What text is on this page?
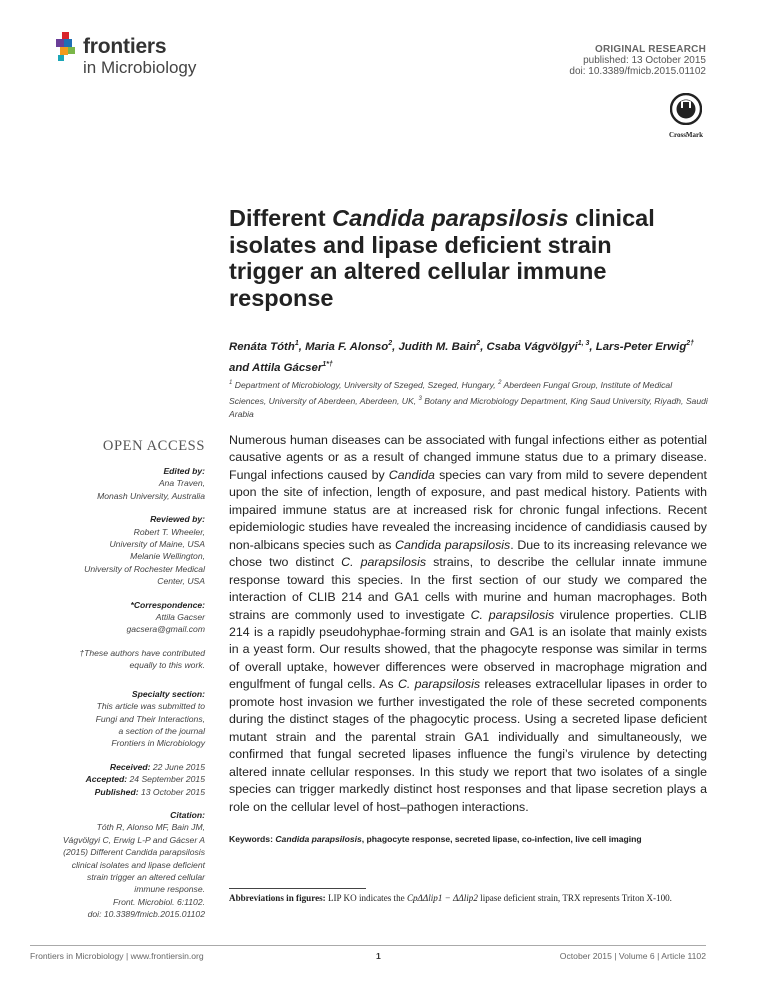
frontiers
in Microbiology
ORIGINAL RESEARCH
published: 13 October 2015
doi: 10.3389/fmicb.2015.01102
CrossMark
Different Candida parapsilosis clinical isolates and lipase deficient strain trigger an altered cellular immune response
Renáta Tóth$^1$, Maria F. Alonso$^2$, Judith M. Bain$^2$, Csaba Vágvölgyi$^{1, 3}$, Lars-Peter Erwig$^{2\dagger}$
and Attila Gácser$^{1*\dagger}$
$^1$ Department of Microbiology, University of Szeged, Szeged, Hungary, $^2$ Aberdeen Fungal Group, Institute of Medical Sciences, University of Aberdeen, Aberdeen, UK, $^3$ Botany and Microbiology Department, King Saud University, Riyadh, Saudi Arabia
OPEN ACCESS
Edited by:
Ana Traven,
Monash University, Australia
Reviewed by:
Robert T. Wheeler,
University of Maine, USA
Melanie Wellington,
University of Rochester Medical
Center, USA
*Correspondence:
Attila Gacser
gacsera@gmail.com
†These authors have contributed
equally to this work.
Specialty section:
This article was submitted to
Fungi and Their Interactions,
a section of the journal
Frontiers in Microbiology
Received: 22 June 2015
Accepted: 24 September 2015
Published: 13 October 2015
Citation:
Tóth R, Alonso MF, Bain JM,
Vágvölgyi C, Erwig L-P and Gácser A
(2015) Different Candida parapsilosis
clinical isolates and lipase deficient
strain trigger an altered cellular
immune response.
Front. Microbiol. 6:1102.
doi: 10.3389/fmicb.2015.01102
Numerous human diseases can be associated with fungal infections either as potential causative agents or as a result of changed immune status due to a primary disease. Fungal infections caused by Candida species can vary from mild to severe dependent upon the site of infection, length of exposure, and past medical history. Patients with impaired immune status are at increased risk for chronic fungal infections. Recent epidemiologic studies have revealed the increasing incidence of candidiasis caused by non-albicans species such as Candida parapsilosis. Due to its increasing relevance we chose two distinct C. parapsilosis strains, to describe the cellular innate immune response toward this species. In the first section of our study we compared the interaction of CLIB 214 and GA1 cells with murine and human macrophages. Both strains are commonly used to investigate C. parapsilosis virulence properties. CLIB 214 is a rapidly pseudohyphae-forming strain and GA1 is an isolate that mainly exists in a yeast form. Our results showed, that the phagocyte response was similar in terms of overall uptake, however differences were observed in macrophage migration and engulfment of fungal cells. As C. parapsilosis releases extracellular lipases in order to promote host invasion we further investigated the role of these secreted components during the distinct stages of the phagocytic process. Using a secreted lipase deficient mutant strain and the parental strain GA1 individually and simultaneously, we confirmed that fungal secreted lipases influence the fungi’s virulence by detecting altered innate cellular responses. In this study we report that two isolates of a single species can trigger markedly distinct host responses and that lipase secretion plays a role on the cellular level of host–pathogen interactions.
Keywords: Candida parapsilosis, phagocyte response, secreted lipase, co-infection, live cell imaging
Abbreviations in figures: LIP KO indicates the CpΔΔlip1 − ΔΔlip2 lipase deficient strain, TRX represents Triton X-100.
Frontiers in Microbiology | www.frontiersin.org	1	October 2015 | Volume 6 | Article 1102
